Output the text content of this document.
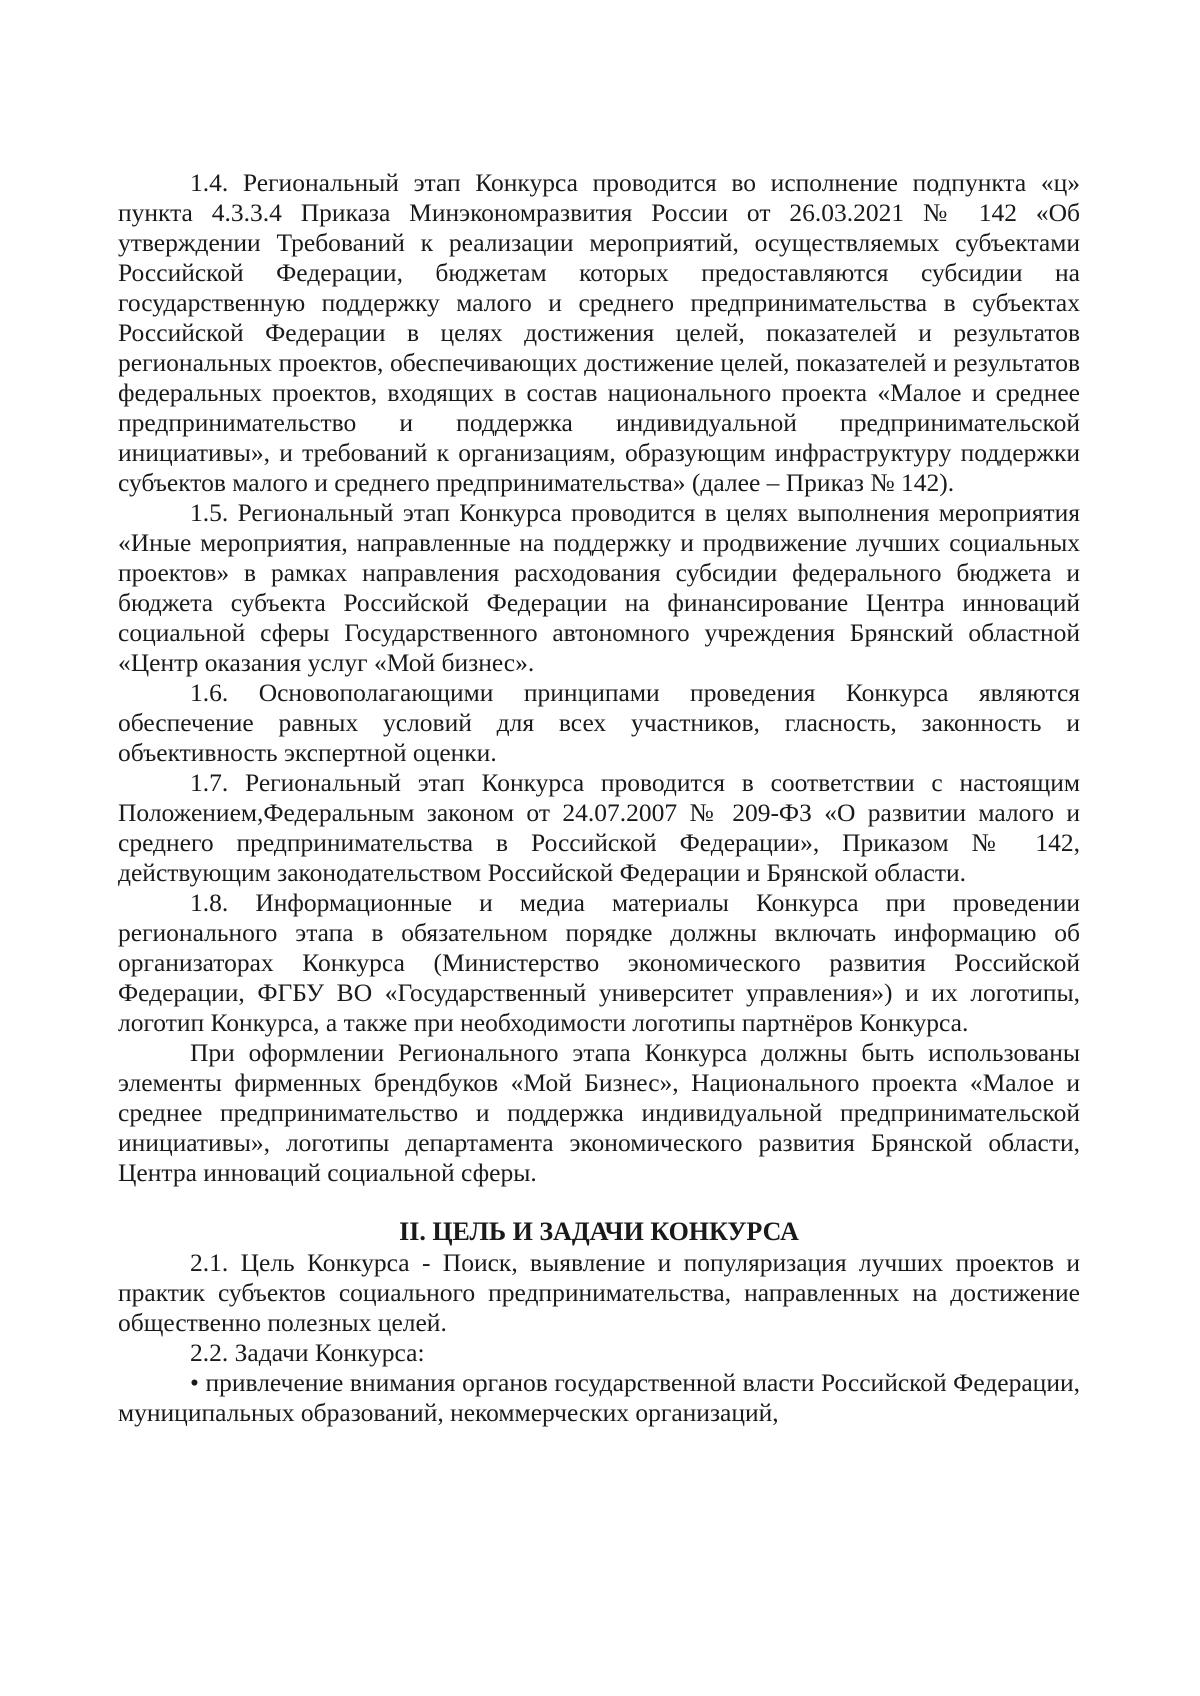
1.4. Региональный этап Конкурса проводится во исполнение подпункта «ц» пункта 4.3.3.4 Приказа Минэкономразвития России от 26.03.2021 № 142 «Об утверждении Требований к реализации мероприятий, осуществляемых субъектами Российской Федерации, бюджетам которых предоставляются субсидии на государственную поддержку малого и среднего предпринимательства в субъектах Российской Федерации в целях достижения целей, показателей и результатов региональных проектов, обеспечивающих достижение целей, показателей и результатов федеральных проектов, входящих в состав национального проекта «Малое и среднее предпринимательство и поддержка индивидуальной предпринимательской инициативы», и требований к организациям, образующим инфраструктуру поддержки субъектов малого и среднего предпринимательства» (далее – Приказ № 142).

1.5. Региональный этап Конкурса проводится в целях выполнения мероприятия «Иные мероприятия, направленные на поддержку и продвижение лучших социальных проектов» в рамках направления расходования субсидии федерального бюджета и бюджета субъекта Российской Федерации на финансирование Центра инноваций социальной сферы Государственного автономного учреждения Брянский областной «Центр оказания услуг «Мой бизнес».

1.6. Основополагающими принципами проведения Конкурса являются обеспечение равных условий для всех участников, гласность, законность и объективность экспертной оценки.

1.7. Региональный этап Конкурса проводится в соответствии с настоящим Положением,Федеральным законом от 24.07.2007 № 209-ФЗ «О развитии малого и среднего предпринимательства в Российской Федерации», Приказом № 142, действующим законодательством Российской Федерации и Брянской области.

1.8. Информационные и медиа материалы Конкурса при проведении регионального этапа в обязательном порядке должны включать информацию об организаторах Конкурса (Министерство экономического развития Российской Федерации, ФГБУ ВО «Государственный университет управления») и их логотипы, логотип Конкурса, а также при необходимости логотипы партнёров Конкурса.

При оформлении Регионального этапа Конкурса должны быть использованы элементы фирменных брендбуков «Мой Бизнес», Национального проекта «Малое и среднее предпринимательство и поддержка индивидуальной предпринимательской инициативы», логотипы департамента экономического развития Брянской области, Центра инноваций социальной сферы.

II. ЦЕЛЬ И ЗАДАЧИ КОНКУРСА

2.1. Цель Конкурса - Поиск, выявление и популяризация лучших проектов и практик субъектов социального предпринимательства, направленных на достижение общественно полезных целей.

2.2. Задачи Конкурса:

• привлечение внимания органов государственной власти Российской Федерации, муниципальных образований, некоммерческих организаций,
